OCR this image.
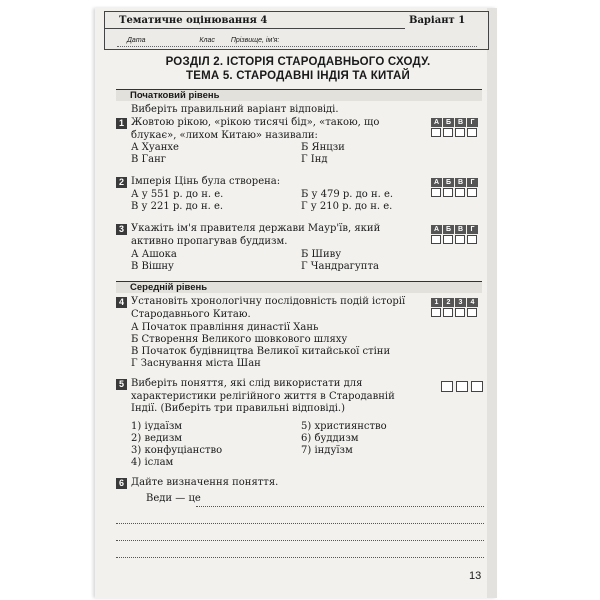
Тематичне оцінювання 4	Варіант 1
Дата	Клас Прізвище, ім'я:
РОЗДІЛ 2. ІСТОРІЯ СТАРОДАВНЬОГО СХОДУ.
ТЕМА 5. СТАРОДАВНІ ІНДІЯ ТА КИТАЙ
Початковий рівень
Виберіть правильний варіант відповіді.
1 Жовтою рікою, «рікою тисячі бід», «такою, що блукає», «лихом Китаю» називали:
А Б В	Г
А Хуанхе	Б Янцзи
В Ганг	Г Інд
2 Імперія Цінь була створена:	А Б В	Г
А у 551 р. до н. е.	Б у 479 р. до н. е.
В у 221 р. до н. е.	Г у 210 р. до н. е.
3 Укажіть ім'я правителя держави Маур'їв, який активно пропагував буддизм.
А Б В	Г
А Ашока	Б Шиву
В Вішну	Г Чандрагупта
Середній рівень
4 Установіть хронологічну послідовність подій історії Стародавнього Китаю.
1	2	3	4
А Початок правління династії Хань
Б Створення Великого шовкового шляху
В Початок будівництва Великої китайської стіни
Г Заснування міста Шан
5 Виберіть поняття, які слід використати для характеристики релігійного життя в Стародавній Індії. (Виберіть три правильні відповіді.)
1) іудаїзм	5) християнство
2) ведизм	6) буддизм
3) конфуціанство	7) індуїзм
4) іслам
6 Дайте визначення поняття.
Веди — це
13
